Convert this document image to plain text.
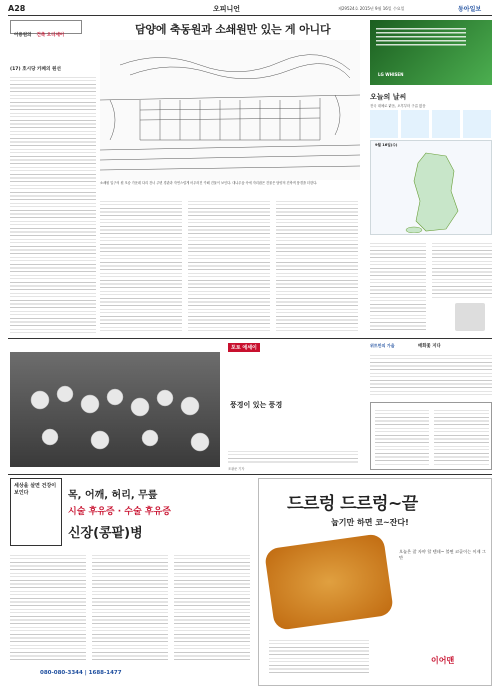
A28	오피니언	제29524호 2015년 9월 16일 수요일	동아일보
이용원의 건축 오디세이	담양에 축동원과 소쇄원만 있는 게 아니다
(17) 호시당 카페의 원선
소쇄원 입구의 원 모습 가운데 다리 건너 주변 경관과 자연스럽게 어우러진 카페 건물이 보인다. 대나무숲 속에 자리잡은 건물은 담양의 건축적 풍경을 더한다.
LG WHISEN
오늘의 날씨
전국 대체로 맑음, 오후부터 구름 많음
9월 16일(수)
포토 에세이
풍경이 있는 풍경
조광준 기자
위트만의 가을	매화꽃 지다
세상을 살면 건강이 보인다	목, 어깨, 허리, 무릎
시술 후유증 · 수술 후유증
신장(콩팥)병
080-080-3344 | 1688-1477
드르렁 드르렁~끝
눕기만 하면 코~잔다!
오늘은 잘 자야 할 텐데~ 불면 코골이는 이제 그만
이어맨
